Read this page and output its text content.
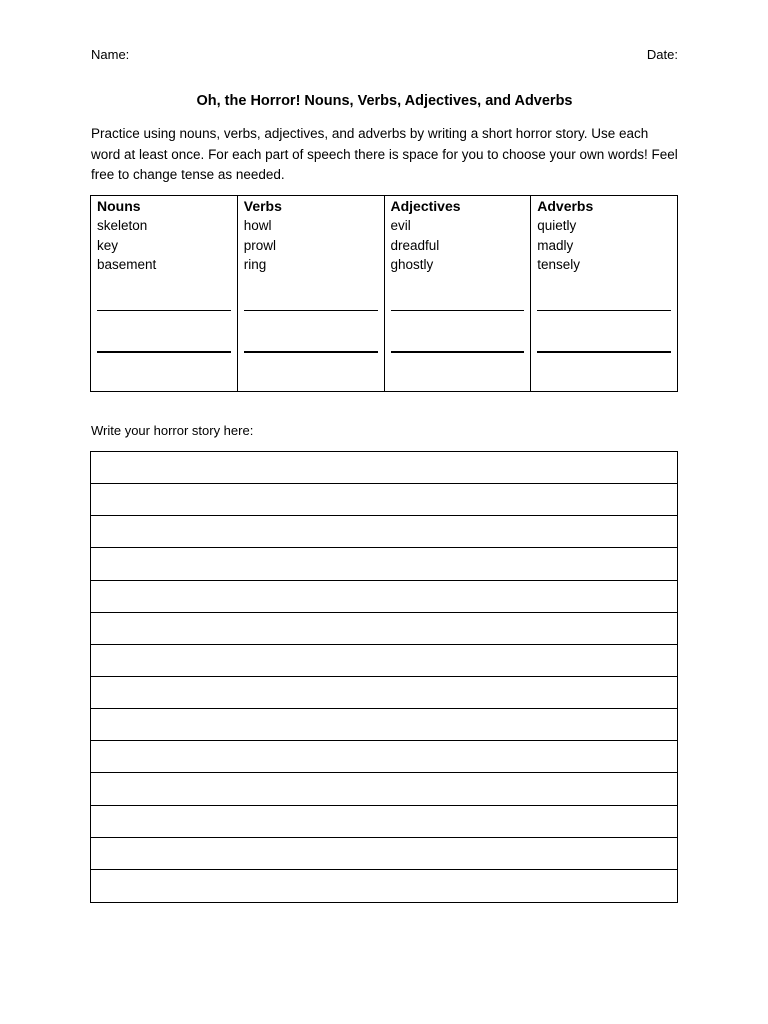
Name:	Date:
Oh, the Horror! Nouns, Verbs, Adjectives, and Adverbs
Practice using nouns, verbs, adjectives, and adverbs by writing a short horror story. Use each word at least once. For each part of speech there is space for you to choose your own words! Feel free to change tense as needed.
Nouns
skeleton
key
basement
Verbs
howl
prowl
ring
Adjectives
evil
dreadful
ghostly
Adverbs
quietly
madly
tensely
Write your horror story here:
